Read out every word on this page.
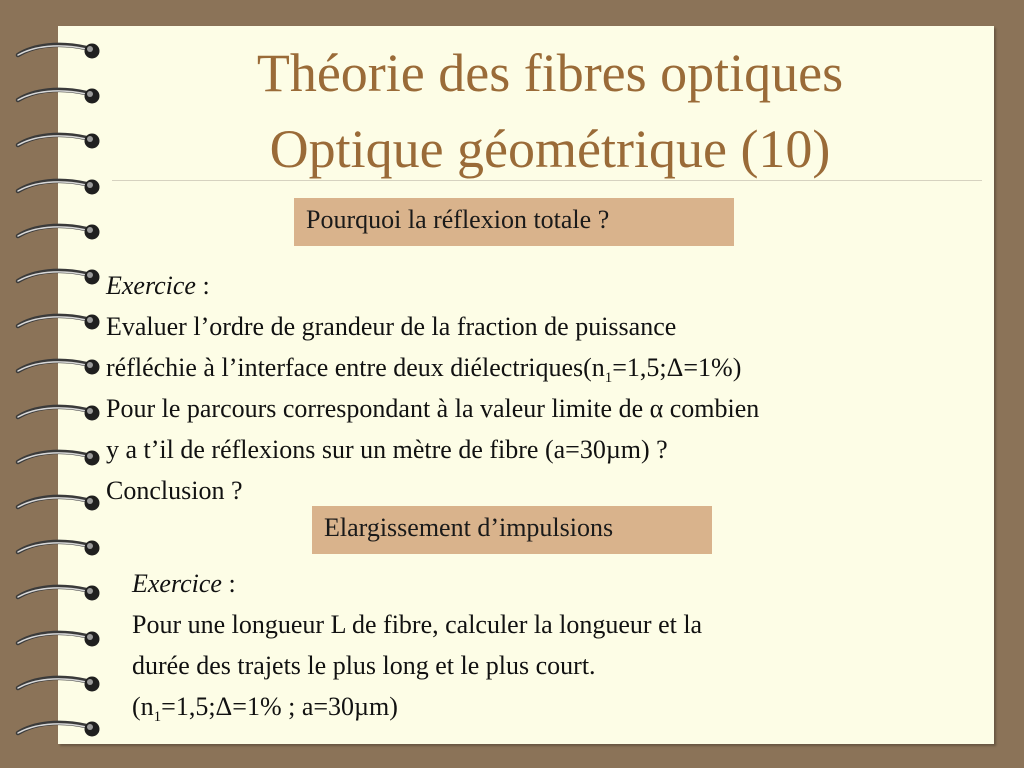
Théorie des fibres optiques
Optique géométrique (10)
Pourquoi la réflexion totale ?
Exercice :
Evaluer l’ordre de grandeur de la fraction de puissance
réfléchie à l’interface entre deux $diélectriques(n_1=1,5;\Delta=1\%)$
Pour le parcours correspondant à la valeur limite de α combien
y a t’il de réflexions sur un mètre de fibre (a=30µm) ?
Conclusion ?
Elargissement d’impulsions
Exercice :
Pour une longueur L de fibre, calculer la longueur et la
durée des trajets le plus long et le plus court.
($n_1=1,5;\Delta=1\%$ ; a=30µm)
